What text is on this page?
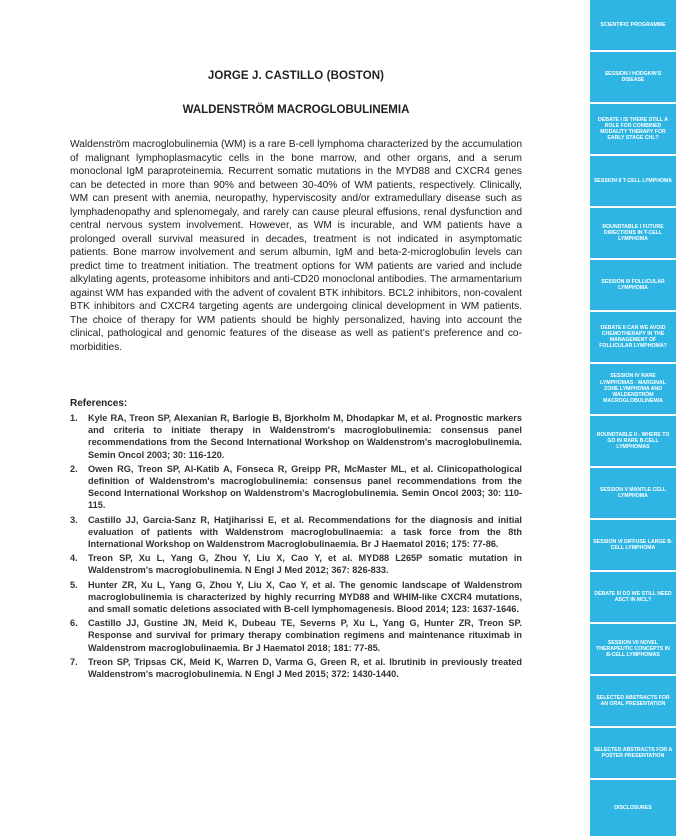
JORGE J. CASTILLO (BOSTON)
WALDENSTRÖM MACROGLOBULINEMIA

Waldenström macroglobulinemia (WM) is a rare B-cell lymphoma characterized by the accumulation of malignant lymphoplasmacytic cells in the bone marrow, and other organs, and a serum monoclonal IgM paraproteinemia. Recurrent somatic mutations in the MYD88 and CXCR4 genes can be detected in more than 90% and between 30-40% of WM patients, respectively. Clinically, WM can present with anemia, neuropathy, hyperviscosity and/or extramedullary disease such as lymphadenopathy and splenomegaly, and rarely can cause pleural effusions, renal dysfunction and central nervous system involvement. However, as WM is incurable, and WM patients have a prolonged overall survival measured in decades, treatment is not indicated in asymptomatic patients. Bone marrow involvement and serum albumin, IgM and beta-2-microglobulin levels can predict time to treatment initiation. The treatment options for WM patients are varied and include alkylating agents, proteasome inhibitors and anti-CD20 monoclonal antibodies. The armamentarium against WM has expanded with the advent of covalent BTK inhibitors. BCL2 inhibitors, non-covalent BTK inhibitors and CXCR4 targeting agents are undergoing clinical development in WM patients. The choice of therapy for WM patients should be highly personalized, having into account the clinical, pathological and genomic features of the disease as well as patient’s preference and co-morbidities.

References:
1. Kyle RA, Treon SP, Alexanian R, Barlogie B, Bjorkholm M, Dhodapkar M, et al. Prognostic markers and criteria to initiate therapy in Waldenstrom's macroglobulinemia: consensus panel recommendations from the Second International Workshop on Waldenstrom's macroglobulinemia. Semin Oncol 2003; 30: 116-120.
2. Owen RG, Treon SP, Al-Katib A, Fonseca R, Greipp PR, McMaster ML, et al. Clinicopathological definition of Waldenstrom's macroglobulinemia: consensus panel recommendations from the Second International Workshop on Waldenstrom's Macroglobulinemia. Semin Oncol 2003; 30: 110-115.
3. Castillo JJ, Garcia-Sanz R, Hatjiharissi E, et al. Recommendations for the diagnosis and initial evaluation of patients with Waldenstrom macroglobulinaemia: a task force from the 8th International Workshop on Waldenstrom Macroglobulinaemia. Br J Haematol 2016; 175: 77-86.
4. Treon SP, Xu L, Yang G, Zhou Y, Liu X, Cao Y, et al. MYD88 L265P somatic mutation in Waldenstrom's macroglobulinemia. N Engl J Med 2012; 367: 826-833.
5. Hunter ZR, Xu L, Yang G, Zhou Y, Liu X, Cao Y, et al. The genomic landscape of Waldenstrom macroglobulinemia is characterized by highly recurring MYD88 and WHIM-like CXCR4 mutations, and small somatic deletions associated with B-cell lymphomagenesis. Blood 2014; 123: 1637-1646.
6. Castillo JJ, Gustine JN, Meid K, Dubeau TE, Severns P, Xu L, Yang G, Hunter ZR, Treon SP. Response and survival for primary therapy combination regimens and maintenance rituximab in Waldenstrom macroglobulinaemia. Br J Haematol 2018; 181: 77-85.
7. Treon SP, Tripsas CK, Meid K, Warren D, Varma G, Green R, et al. Ibrutinib in previously treated Waldenstrom's macroglobulinemia. N Engl J Med 2015; 372: 1430-1440.
SCIENTIFIC PROGRAMME
SESSION I HODGKIN'S DISEASE
DEBATE I IS THERE STILL A ROLE FOR COMBINED MODALITY THERAPY FOR EARLY STAGE CHL?
SESSION II T-CELL LYMPHOMA
ROUNDTABLE I FUTURE DIRECTIONS IN T-CELL LYMPHOMA
SESSION III FOLLICULAR LYMPHOMA
DEBATE II CAN WE AVOID CHEMOTHERAPY IN THE MANAGEMENT OF FOLLICULAR LYMPHOMA?
SESSION IV RARE LYMPHOMAS - MARGINAL ZONE LYMPHOMA AND WALDENSTRÖM MACROGLOBULINEMIA
ROUNDTABLE II - WHERE TO GO IN RARE B-CELL LYMPHOMAS
SESSION V MANTLE CELL LYMPHOMA
SESSION VI DIFFUSE LARGE B-CELL LYMPHOMA
DEBATE III DO WE STILL NEED ASCT IN MCL?
SESSION VII NOVEL THERAPEUTIC CONCEPTS IN B-CELL LYMPHOMAS
SELECTED ABSTRACTS FOR AN ORAL PRESENTATION
SELECTED ABSTRACTS FOR A POSTER PRESENTATION
DISCLOSURES
